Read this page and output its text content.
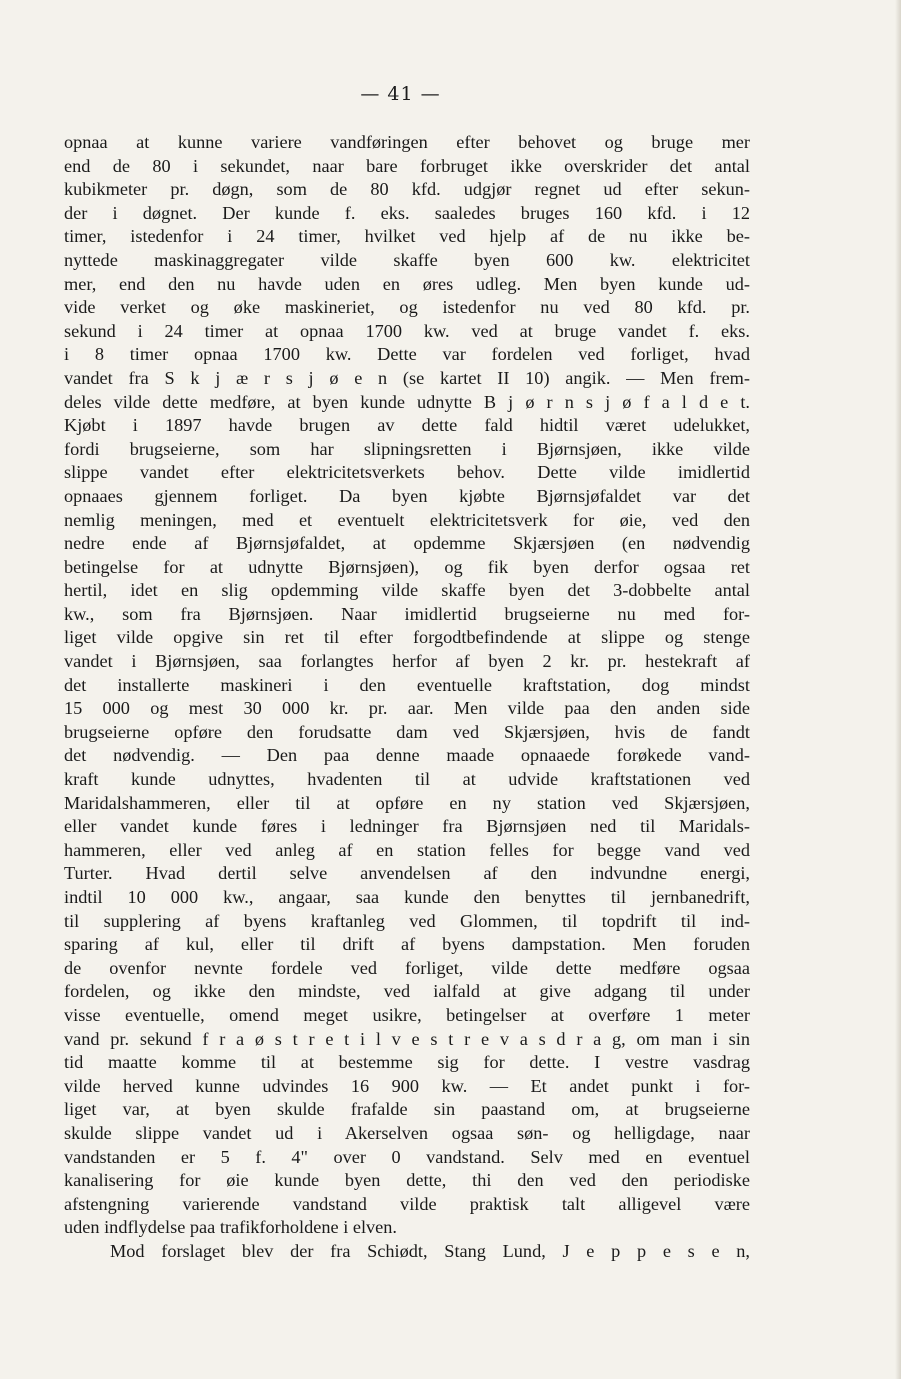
— 41 —
opnaa at kunne variere vandføringen efter behovet og bruge mer
end de 80 i sekundet, naar bare forbruget ikke overskrider det antal
kubikmeter pr. døgn, som de 80 kfd. udgjør regnet ud efter sekun-
der i døgnet. Der kunde f. eks. saaledes bruges 160 kfd. i 12
timer, istedenfor i 24 timer, hvilket ved hjelp af de nu ikke be-
nyttede maskinaggregater vilde skaffe byen 600 kw. elektricitet
mer, end den nu havde uden en øres udleg. Men byen kunde ud-
vide verket og øke maskineriet, og istedenfor nu ved 80 kfd. pr.
sekund i 24 timer at opnaa 1700 kw. ved at bruge vandet f. eks.
i 8 timer opnaa 1700 kw. Dette var fordelen ved forliget, hvad
vandet fra S k j æ r s j ø e n (se kartet II 10) angik. — Men frem-
deles vilde dette medføre, at byen kunde udnytte B j ø r n s j ø f a l d e t.
Kjøbt i 1897 havde brugen av dette fald hidtil været udelukket,
fordi brugseierne, som har slipningsretten i Bjørnsjøen, ikke vilde
slippe vandet efter elektricitetsverkets behov. Dette vilde imidlertid
opnaaes gjennem forliget. Da byen kjøbte Bjørnsjøfaldet var det
nemlig meningen, med et eventuelt elektricitetsverk for øie, ved den
nedre ende af Bjørnsjøfaldet, at opdemme Skjærsjøen (en nødvendig
betingelse for at udnytte Bjørnsjøen), og fik byen derfor ogsaa ret
hertil, idet en slig opdemming vilde skaffe byen det 3-dobbelte antal
kw., som fra Bjørnsjøen. Naar imidlertid brugseierne nu med for-
liget vilde opgive sin ret til efter forgodtbefindende at slippe og stenge
vandet i Bjørnsjøen, saa forlangtes herfor af byen 2 kr. pr. hestekraft af
det installerte maskineri i den eventuelle kraftstation, dog mindst
15 000 og mest 30 000 kr. pr. aar. Men vilde paa den anden side
brugseierne opføre den forudsatte dam ved Skjærsjøen, hvis de fandt
det nødvendig. — Den paa denne maade opnaaede forøkede vand-
kraft kunde udnyttes, hvadenten til at udvide kraftstationen ved
Maridalshammeren, eller til at opføre en ny station ved Skjærsjøen,
eller vandet kunde føres i ledninger fra Bjørnsjøen ned til Maridals-
hammeren, eller ved anleg af en station felles for begge vand ved
Turter. Hvad dertil selve anvendelsen af den indvundne energi,
indtil 10 000 kw., angaar, saa kunde den benyttes til jernbanedrift,
til supplering af byens kraftanleg ved Glommen, til topdrift til ind-
sparing af kul, eller til drift af byens dampstation. Men foruden
de ovenfor nevnte fordele ved forliget, vilde dette medføre ogsaa
fordelen, og ikke den mindste, ved ialfald at give adgang til under
visse eventuelle, omend meget usikre, betingelser at overføre 1 meter
vand pr. sekund f r a ø s t r e t i l v e s t r e v a s d r a g, om man i sin
tid maatte komme til at bestemme sig for dette. I vestre vasdrag
vilde herved kunne udvindes 16 900 kw. — Et andet punkt i for-
liget var, at byen skulde frafalde sin paastand om, at brugseierne
skulde slippe vandet ud i Akerselven ogsaa søn- og helligdage, naar
vandstanden er 5 f. 4" over 0 vandstand. Selv med en eventuel
kanalisering for øie kunde byen dette, thi den ved den periodiske
afstengning varierende vandstand vilde praktisk talt alligevel være
uden indflydelse paa trafikforholdene i elven.
Mod forslaget blev der fra Schiødt, Stang Lund, J e p p e s e n,
